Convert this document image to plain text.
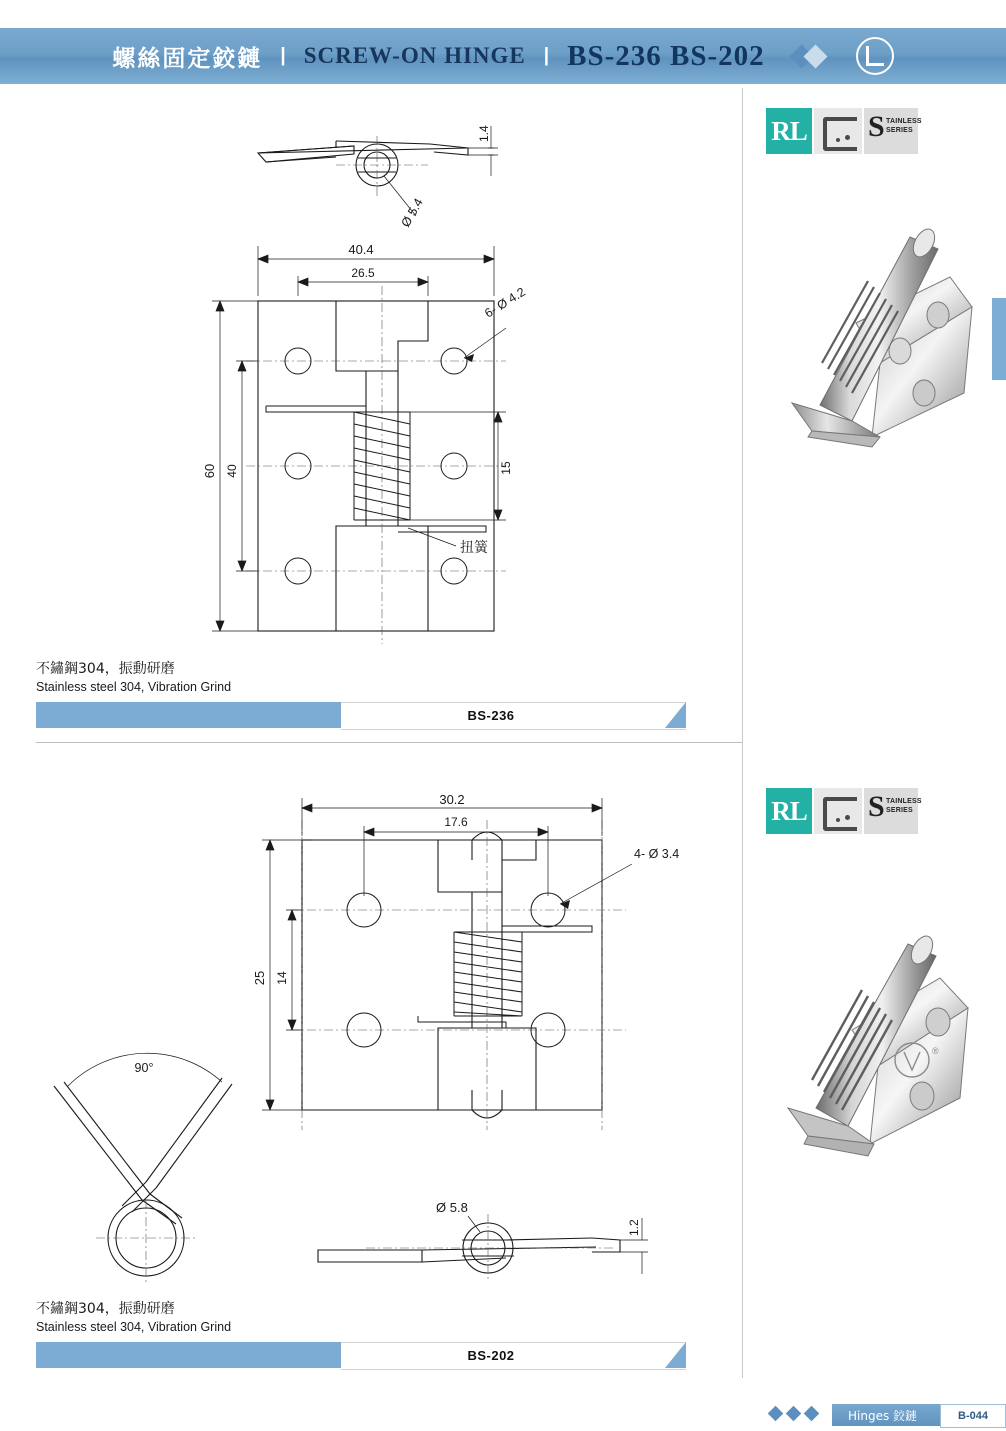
螺絲固定鉸鏈 | SCREW-ON HINGE | BS-236 BS-202
1.4
Ø 5.4
扭簧
40.4
26.5
6- Ø 4.2
60 40	15
不鏽鋼304，振動研磨
Stainless steel 304, Vibration Grind
BS-236
RL S TAINLESS
SERIES
30.2
17.6
4- Ø 3.4
25 14
90°
Ø 5.8
1.2
不鏽鋼304，振動研磨
Stainless steel 304, Vibration Grind
BS-202
RL S TAINLESS
SERIES
®
Hinges 鉸鏈	B-044
